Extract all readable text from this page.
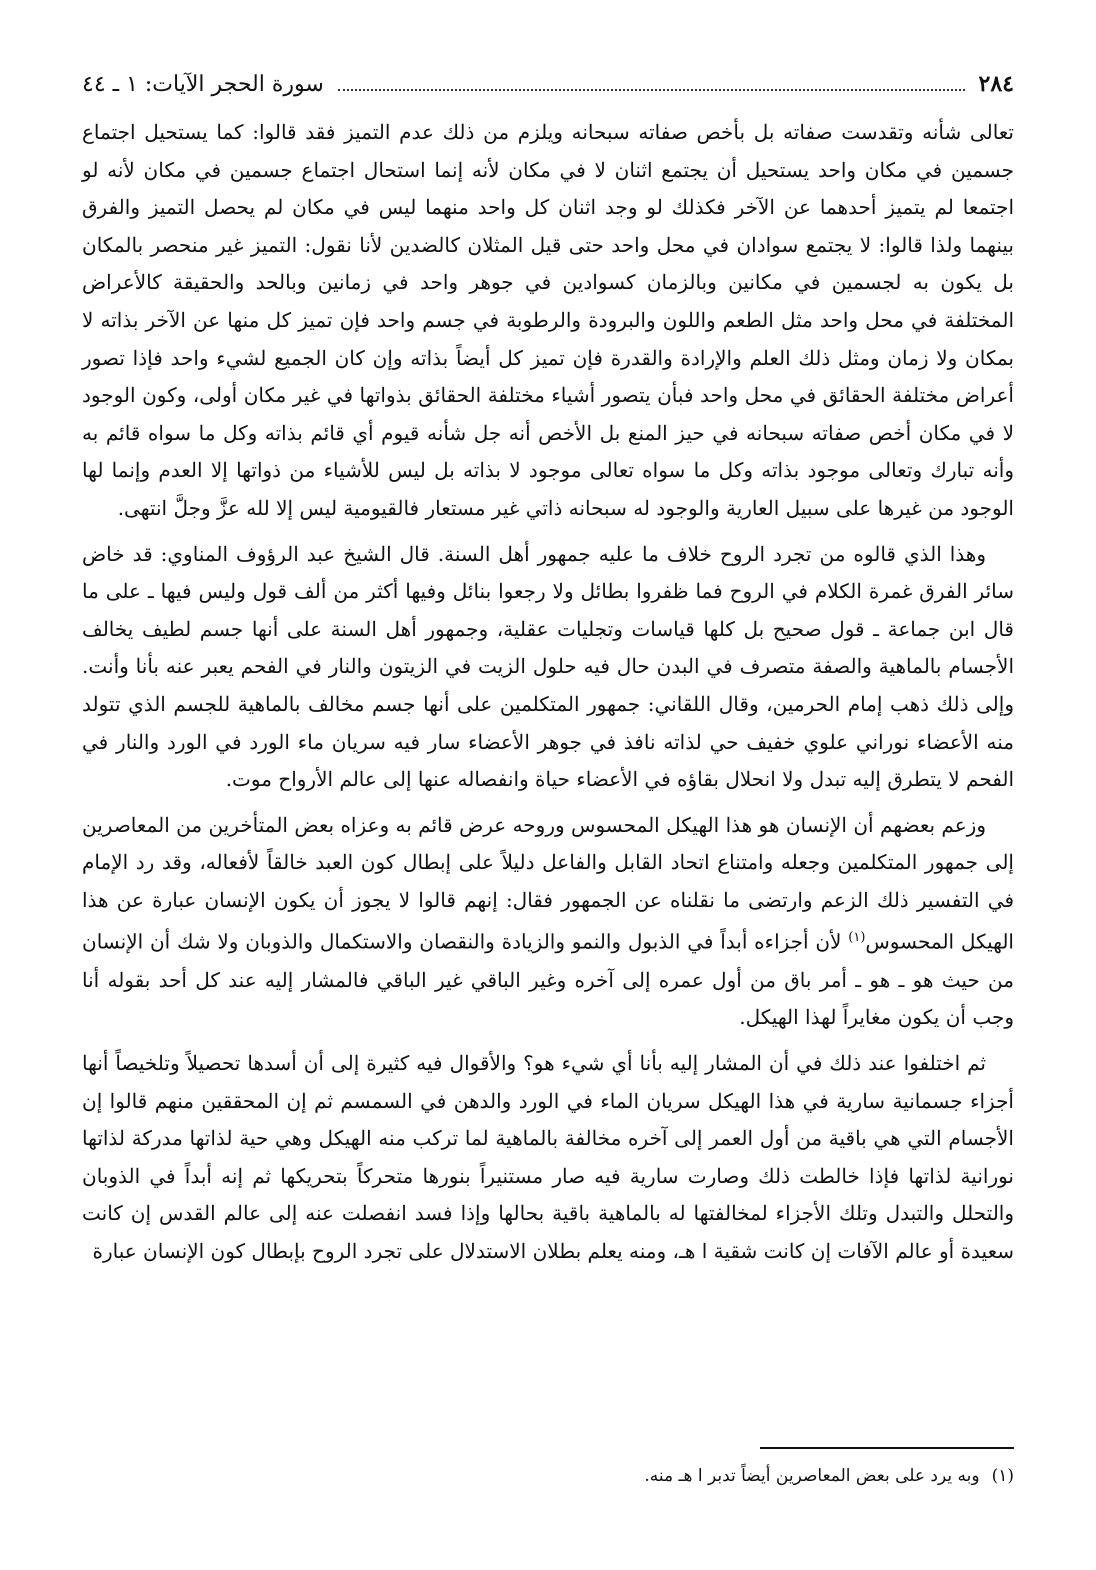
٢٨٤
سورة الحجر الآيات: ١ ـ ٤٤

تعالى شأنه وتقدست صفاته بل بأخص صفاته سبحانه ويلزم من ذلك عدم التميز فقد قالوا: كما يستحيل اجتماع جسمين في مكان واحد يستحيل أن يجتمع اثنان لا في مكان لأنه إنما استحال اجتماع جسمين في مكان لأنه لو اجتمعا لم يتميز أحدهما عن الآخر فكذلك لو وجد اثنان كل واحد منهما ليس في مكان لم يحصل التميز والفرق بينهما ولذا قالوا: لا يجتمع سوادان في محل واحد حتى قيل المثلان كالضدين لأنا نقول: التميز غير منحصر بالمكان بل يكون به لجسمين في مكانين وبالزمان كسوادين في جوهر واحد في زمانين وبالحد والحقيقة كالأعراض المختلفة في محل واحد مثل الطعم واللون والبرودة والرطوبة في جسم واحد فإن تميز كل منها عن الآخر بذاته لا بمكان ولا زمان ومثل ذلك العلم والإرادة والقدرة فإن تميز كل أيضاً بذاته وإن كان الجميع لشيء واحد فإذا تصور أعراض مختلفة الحقائق في محل واحد فبأن يتصور أشياء مختلفة الحقائق بذواتها في غير مكان أولى، وكون الوجود لا في مكان أخص صفاته سبحانه في حيز المنع بل الأخص أنه جل شأنه قيوم أي قائم بذاته وكل ما سواه قائم به وأنه تبارك وتعالى موجود بذاته وكل ما سواه تعالى موجود لا بذاته بل ليس للأشياء من ذواتها إلا العدم وإنما لها الوجود من غيرها على سبيل العارية والوجود له سبحانه ذاتي غير مستعار فالقيومية ليس إلا لله عزَّ وجلَّ انتهى.

وهذا الذي قالوه من تجرد الروح خلاف ما عليه جمهور أهل السنة. قال الشيخ عبد الرؤوف المناوي: قد خاض سائر الفرق غمرة الكلام في الروح فما ظفروا بطائل ولا رجعوا بنائل وفيها أكثر من ألف قول وليس فيها ـ على ما قال ابن جماعة ـ قول صحيح بل كلها قياسات وتجليات عقلية، وجمهور أهل السنة على أنها جسم لطيف يخالف الأجسام بالماهية والصفة متصرف في البدن حال فيه حلول الزيت في الزيتون والنار في الفحم يعبر عنه بأنا وأنت. وإلى ذلك ذهب إمام الحرمين، وقال اللقاني: جمهور المتكلمين على أنها جسم مخالف بالماهية للجسم الذي تتولد منه الأعضاء نوراني علوي خفيف حي لذاته نافذ في جوهر الأعضاء سار فيه سريان ماء الورد في الورد والنار في الفحم لا يتطرق إليه تبدل ولا انحلال بقاؤه في الأعضاء حياة وانفصاله عنها إلى عالم الأرواح موت.

وزعم بعضهم أن الإنسان هو هذا الهيكل المحسوس وروحه عرض قائم به وعزاه بعض المتأخرين من المعاصرين إلى جمهور المتكلمين وجعله وامتناع اتحاد القابل والفاعل دليلاً على إبطال كون العبد خالقاً لأفعاله، وقد رد الإمام في التفسير ذلك الزعم وارتضى ما نقلناه عن الجمهور فقال: إنهم قالوا لا يجوز أن يكون الإنسان عبارة عن هذا الهيكل المحسوس$^{(١)}$ لأن أجزاءه أبداً في الذبول والنمو والزيادة والنقصان والاستكمال والذوبان ولا شك أن الإنسان من حيث هو ـ هو ـ أمر باق من أول عمره إلى آخره وغير الباقي غير الباقي فالمشار إليه عند كل أحد بقوله أنا وجب أن يكون مغايراً لهذا الهيكل.

ثم اختلفوا عند ذلك في أن المشار إليه بأنا أي شيء هو؟ والأقوال فيه كثيرة إلى أن أسدها تحصيلاً وتلخيصاً أنها أجزاء جسمانية سارية في هذا الهيكل سريان الماء في الورد والدهن في السمسم ثم إن المحققين منهم قالوا إن الأجسام التي هي باقية من أول العمر إلى آخره مخالفة بالماهية لما تركب منه الهيكل وهي حية لذاتها مدركة لذاتها نورانية لذاتها فإذا خالطت ذلك وصارت سارية فيه صار مستنيراً بنورها متحركاً بتحريكها ثم إنه أبداً في الذوبان والتحلل والتبدل وتلك الأجزاء لمخالفتها له بالماهية باقية بحالها وإذا فسد انفصلت عنه إلى عالم القدس إن كانت سعيدة أو عالم الآفات إن كانت شقية ا هـ، ومنه يعلم بطلان الاستدلال على تجرد الروح بإبطال كون الإنسان عبارة

(١)وبه يرد على بعض المعاصرين أيضاً تدبر ا هـ منه.
